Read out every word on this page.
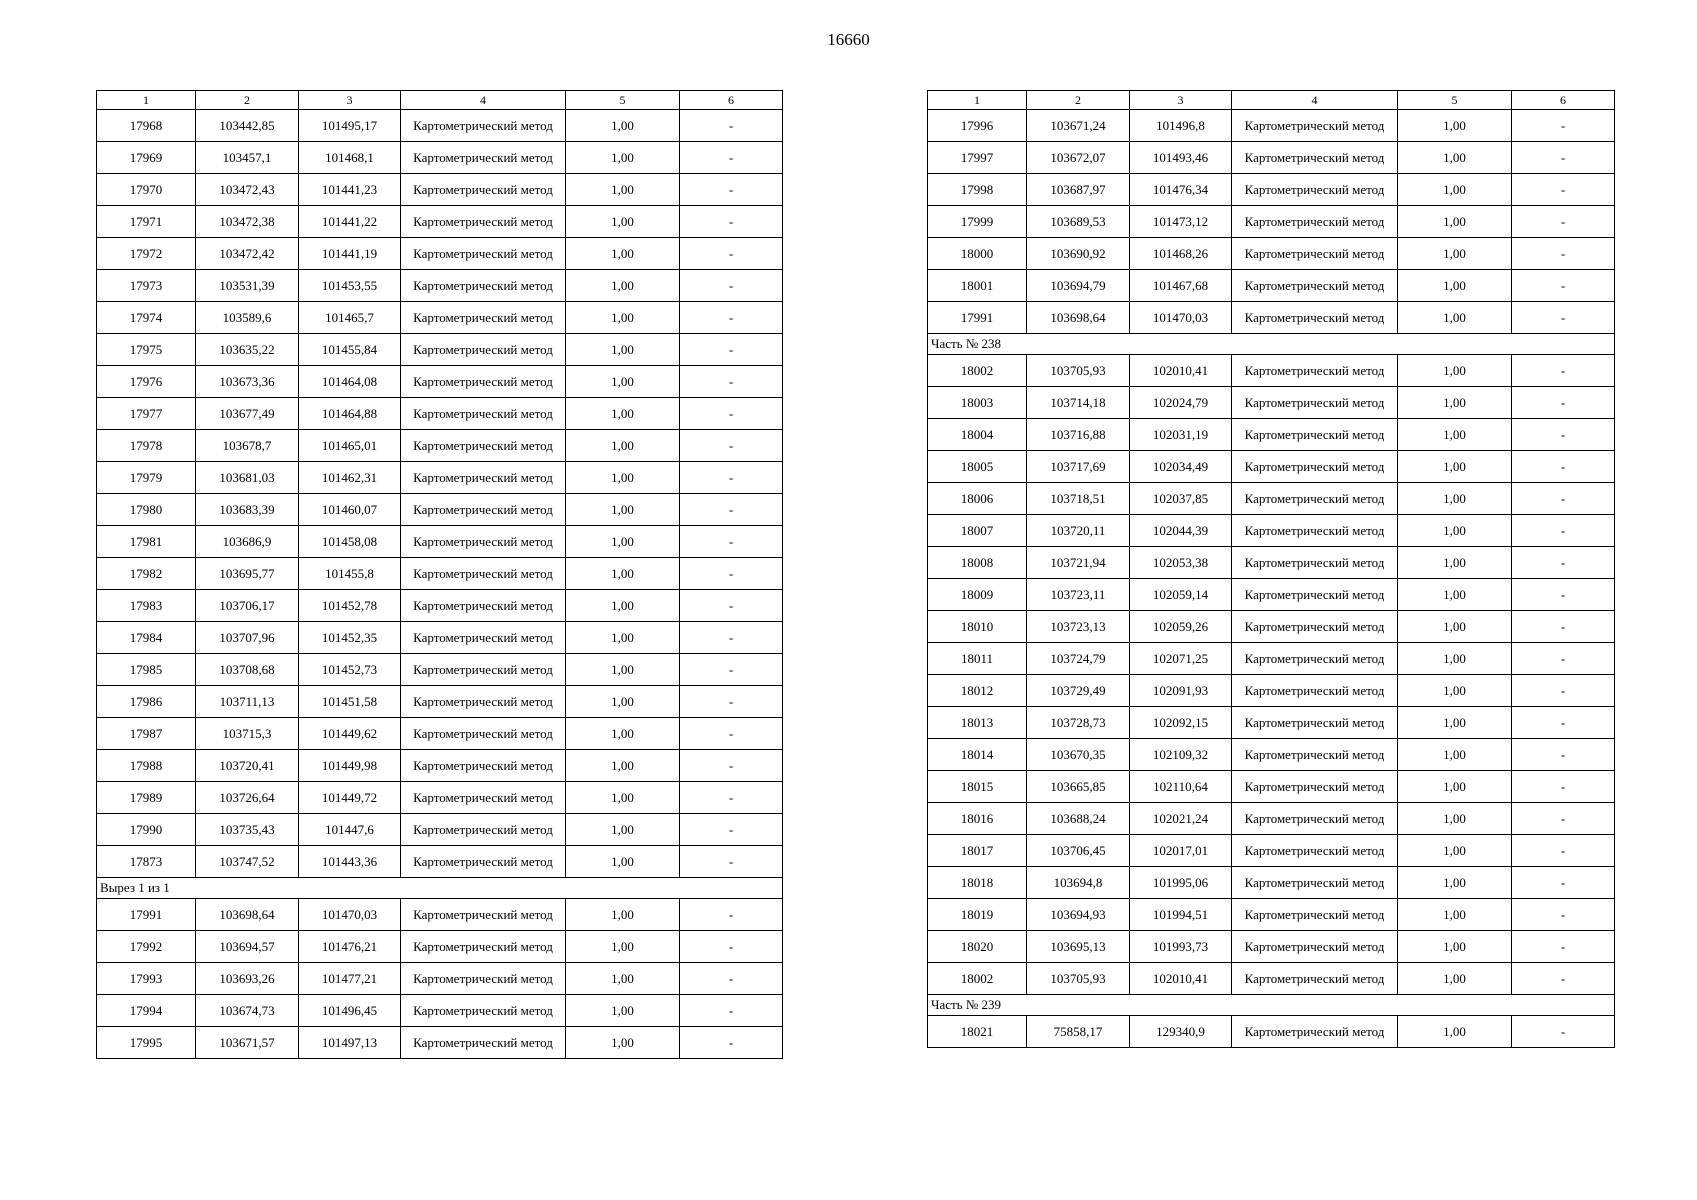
16660
1	2	3	4	5	6
17968	103442,85	101495,17	Картометрический метод	1,00	-
17969	103457,1	101468,1	Картометрический метод	1,00	-
17970	103472,43	101441,23	Картометрический метод	1,00	-
17971	103472,38	101441,22	Картометрический метод	1,00	-
17972	103472,42	101441,19	Картометрический метод	1,00	-
17973	103531,39	101453,55	Картометрический метод	1,00	-
17974	103589,6	101465,7	Картометрический метод	1,00	-
17975	103635,22	101455,84	Картометрический метод	1,00	-
17976	103673,36	101464,08	Картометрический метод	1,00	-
17977	103677,49	101464,88	Картометрический метод	1,00	-
17978	103678,7	101465,01	Картометрический метод	1,00	-
17979	103681,03	101462,31	Картометрический метод	1,00	-
17980	103683,39	101460,07	Картометрический метод	1,00	-
17981	103686,9	101458,08	Картометрический метод	1,00	-
17982	103695,77	101455,8	Картометрический метод	1,00	-
17983	103706,17	101452,78	Картометрический метод	1,00	-
17984	103707,96	101452,35	Картометрический метод	1,00	-
17985	103708,68	101452,73	Картометрический метод	1,00	-
17986	103711,13	101451,58	Картометрический метод	1,00	-
17987	103715,3	101449,62	Картометрический метод	1,00	-
17988	103720,41	101449,98	Картометрический метод	1,00	-
17989	103726,64	101449,72	Картометрический метод	1,00	-
17990	103735,43	101447,6	Картометрический метод	1,00	-
17873	103747,52	101443,36	Картометрический метод	1,00	-
Вырез 1 из 1					
17991	103698,64	101470,03	Картометрический метод	1,00	-
17992	103694,57	101476,21	Картометрический метод	1,00	-
17993	103693,26	101477,21	Картометрический метод	1,00	-
17994	103674,73	101496,45	Картометрический метод	1,00	-
17995	103671,57	101497,13	Картометрический метод	1,00	-
1	2	3	4	5	6
17996	103671,24	101496,8	Картометрический метод	1,00	-
17997	103672,07	101493,46	Картометрический метод	1,00	-
17998	103687,97	101476,34	Картометрический метод	1,00	-
17999	103689,53	101473,12	Картометрический метод	1,00	-
18000	103690,92	101468,26	Картометрический метод	1,00	-
18001	103694,79	101467,68	Картометрический метод	1,00	-
17991	103698,64	101470,03	Картометрический метод	1,00	-
Часть № 238					
18002	103705,93	102010,41	Картометрический метод	1,00	-
18003	103714,18	102024,79	Картометрический метод	1,00	-
18004	103716,88	102031,19	Картометрический метод	1,00	-
18005	103717,69	102034,49	Картометрический метод	1,00	-
18006	103718,51	102037,85	Картометрический метод	1,00	-
18007	103720,11	102044,39	Картометрический метод	1,00	-
18008	103721,94	102053,38	Картометрический метод	1,00	-
18009	103723,11	102059,14	Картометрический метод	1,00	-
18010	103723,13	102059,26	Картометрический метод	1,00	-
18011	103724,79	102071,25	Картометрический метод	1,00	-
18012	103729,49	102091,93	Картометрический метод	1,00	-
18013	103728,73	102092,15	Картометрический метод	1,00	-
18014	103670,35	102109,32	Картометрический метод	1,00	-
18015	103665,85	102110,64	Картометрический метод	1,00	-
18016	103688,24	102021,24	Картометрический метод	1,00	-
18017	103706,45	102017,01	Картометрический метод	1,00	-
18018	103694,8	101995,06	Картометрический метод	1,00	-
18019	103694,93	101994,51	Картометрический метод	1,00	-
18020	103695,13	101993,73	Картометрический метод	1,00	-
18002	103705,93	102010,41	Картометрический метод	1,00	-
Часть № 239					
18021	75858,17	129340,9	Картометрический метод	1,00	-
